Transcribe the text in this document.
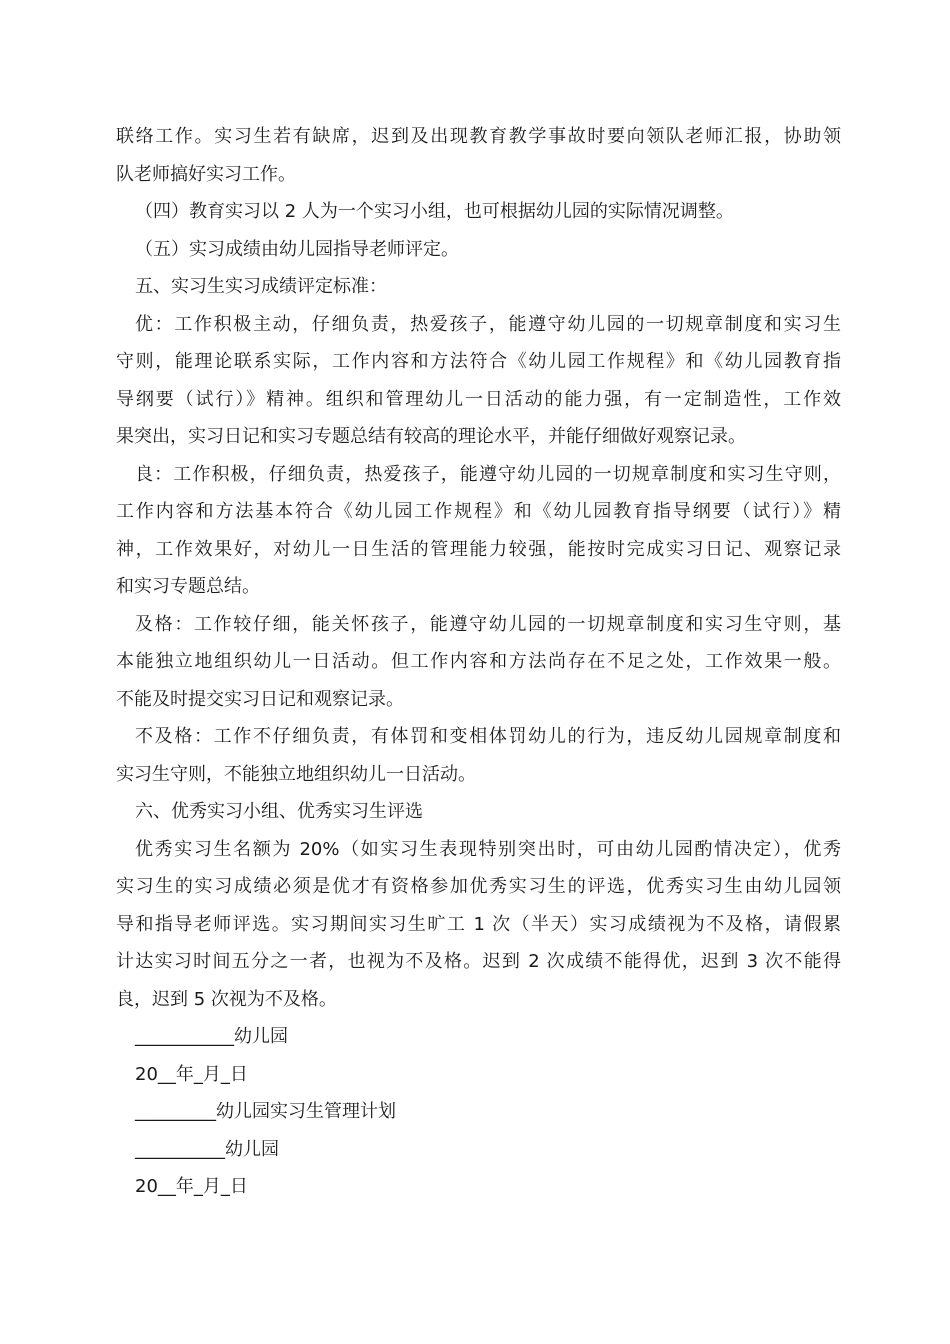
联络工作。实习生若有缺席，迟到及出现教育教学事故时要向领队老师汇报，协助领
队老师搞好实习工作。
（四）教育实习以 2 人为一个实习小组，也可根据幼儿园的实际情况调整。
（五）实习成绩由幼儿园指导老师评定。
五、实习生实习成绩评定标准：
优：工作积极主动，仔细负责，热爱孩子，能遵守幼儿园的一切规章制度和实习生
守则，能理论联系实际，工作内容和方法符合《幼儿园工作规程》和《幼儿园教育指
导纲要（试行）》精神。组织和管理幼儿一日活动的能力强，有一定制造性，工作效
果突出，实习日记和实习专题总结有较高的理论水平，并能仔细做好观察记录。
良：工作积极，仔细负责，热爱孩子，能遵守幼儿园的一切规章制度和实习生守则，
工作内容和方法基本符合《幼儿园工作规程》和《幼儿园教育指导纲要（试行）》精
神，工作效果好，对幼儿一日生活的管理能力较强，能按时完成实习日记、观察记录
和实习专题总结。
及格：工作较仔细，能关怀孩子，能遵守幼儿园的一切规章制度和实习生守则，基
本能独立地组织幼儿一日活动。但工作内容和方法尚存在不足之处，工作效果一般。
不能及时提交实习日记和观察记录。
不及格：工作不仔细负责，有体罚和变相体罚幼儿的行为，违反幼儿园规章制度和
实习生守则，不能独立地组织幼儿一日活动。
六、优秀实习小组、优秀实习生评选
优秀实习生名额为 20%（如实习生表现特别突出时，可由幼儿园酌情决定），优秀
实习生的实习成绩必须是优才有资格参加优秀实习生的评选，优秀实习生由幼儿园领
导和指导老师评选。实习期间实习生旷工 1 次（半天）实习成绩视为不及格，请假累
计达实习时间五分之一者，也视为不及格。迟到 2 次成绩不能得优，迟到 3 次不能得
良，迟到 5 次视为不及格。
___________幼儿园
20__年_月_日
_________幼儿园实习生管理计划
__________幼儿园
20__年_月_日
